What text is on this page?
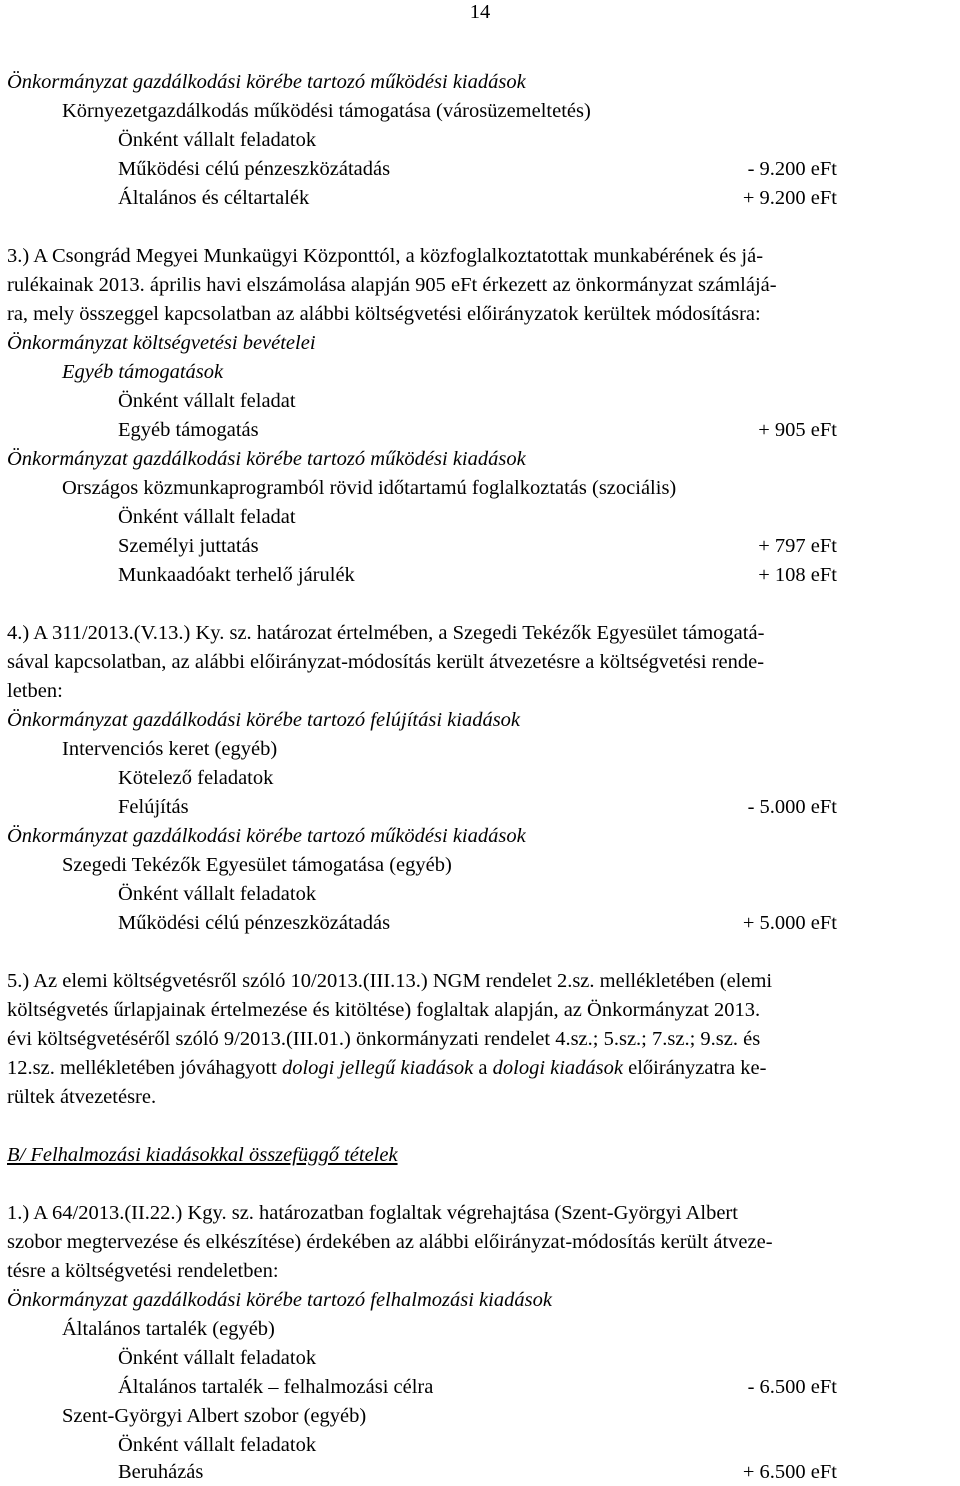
14
Önkormányzat gazdálkodási körébe tartozó működési kiadások
Környezetgazdálkodás működési támogatása (városüzemeltetés)
Önként vállalt feladatok
Működési célú pénzeszközátadás	- 9.200 eFt
Általános és céltartalék	+ 9.200 eFt
3.) A Csongrád Megyei Munkaügyi Központtól, a közfoglalkoztatottak munkabérének és já-
rulékainak 2013. április havi elszámolása alapján 905 eFt érkezett az önkormányzat számlájá-
ra, mely összeggel kapcsolatban az alábbi költségvetési előirányzatok kerültek módosításra:
Önkormányzat költségvetési bevételei
Egyéb támogatások
Önként vállalt feladat
Egyéb támogatás	+ 905 eFt
Önkormányzat gazdálkodási körébe tartozó működési kiadások
Országos közmunkaprogramból rövid időtartamú foglalkoztatás (szociális)
Önként vállalt feladat
Személyi juttatás	+ 797 eFt
Munkaadóakt terhelő járulék	+ 108 eFt
4.) A 311/2013.(V.13.) Ky. sz. határozat értelmében, a Szegedi Tekézők Egyesület támogatá-
sával kapcsolatban, az alábbi előirányzat-módosítás került átvezetésre a költségvetési rende-
letben:
Önkormányzat gazdálkodási körébe tartozó felújítási kiadások
Intervenciós keret (egyéb)
Kötelező feladatok
Felújítás	- 5.000 eFt
Önkormányzat gazdálkodási körébe tartozó működési kiadások
Szegedi Tekézők Egyesület támogatása (egyéb)
Önként vállalt feladatok
Működési célú pénzeszközátadás	+ 5.000 eFt
5.) Az elemi költségvetésről szóló 10/2013.(III.13.) NGM rendelet 2.sz. mellékletében (elemi
költségvetés űrlapjainak értelmezése és kitöltése) foglaltak alapján, az Önkormányzat 2013.
évi költségvetéséről szóló 9/2013.(III.01.) önkormányzati rendelet 4.sz.; 5.sz.; 7.sz.; 9.sz. és
12.sz. mellékletében jóváhagyott dologi jellegű kiadások a dologi kiadások előirányzatra ke-
rültek átvezetésre.
B/ Felhalmozási kiadásokkal összefüggő tételek
1.) A 64/2013.(II.22.) Kgy. sz. határozatban foglaltak végrehajtása (Szent-Györgyi Albert
szobor megtervezése és elkészítése) érdekében az alábbi előirányzat-módosítás került átveze-
tésre a költségvetési rendeletben:
Önkormányzat gazdálkodási körébe tartozó felhalmozási kiadások
Általános tartalék (egyéb)
Önként vállalt feladatok
Általános tartalék – felhalmozási célra	- 6.500 eFt
Szent-Györgyi Albert szobor (egyéb)
Önként vállalt feladatok
Beruházás	+ 6.500 eFt
